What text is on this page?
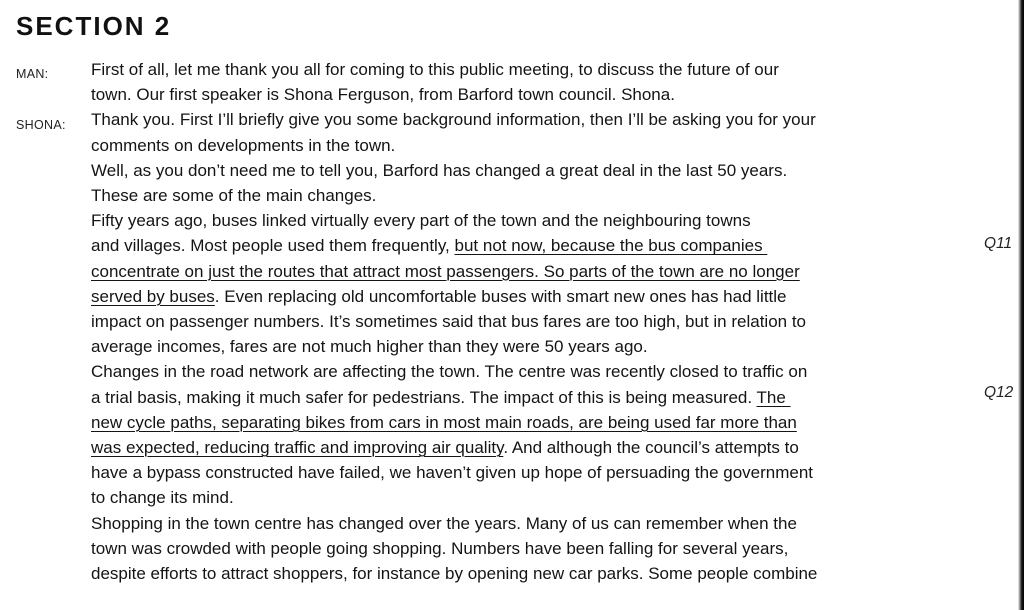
SECTION 2
MAN:
SHONA:
First of all, let me thank you all for coming to this public meeting, to discuss the future of our
town. Our first speaker is Shona Ferguson, from Barford town council. Shona.
Thank you. First I’ll briefly give you some background information, then I’ll be asking you for your
comments on developments in the town.
Well, as you don’t need me to tell you, Barford has changed a great deal in the last 50 years.
These are some of the main changes.
Fifty years ago, buses linked virtually every part of the town and the neighbouring towns
and villages. Most people used them frequently, but not now, because the bus companies
concentrate on just the routes that attract most passengers. So parts of the town are no longer
served by buses. Even replacing old uncomfortable buses with smart new ones has had little
impact on passenger numbers. It’s sometimes said that bus fares are too high, but in relation to
average incomes, fares are not much higher than they were 50 years ago.
Changes in the road network are affecting the town. The centre was recently closed to traffic on
a trial basis, making it much safer for pedestrians. The impact of this is being measured. The
new cycle paths, separating bikes from cars in most main roads, are being used far more than
was expected, reducing traffic and improving air quality. And although the council’s attempts to
have a bypass constructed have failed, we haven’t given up hope of persuading the government
to change its mind.
Shopping in the town centre has changed over the years. Many of us can remember when the
town was crowded with people going shopping. Numbers have been falling for several years,
despite efforts to attract shoppers, for instance by opening new car parks. Some people combine
Q11
Q12
